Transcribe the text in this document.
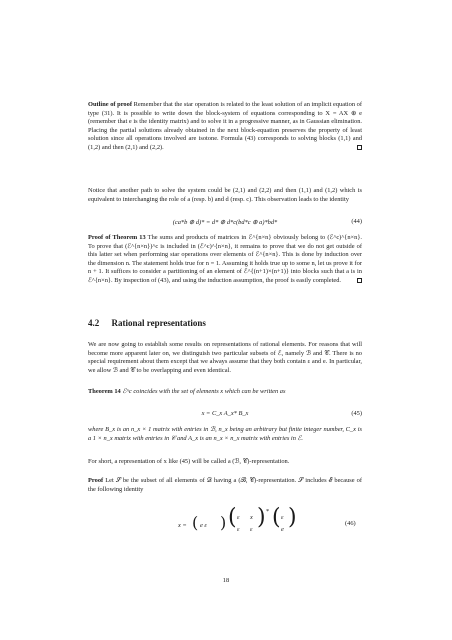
Outline of proof Remember that the star operation is related to the least solution of an implicit equation of type (31). It is possible to write down the block-system of equations corresponding to X = AX ⊕ e (remember that e is the identity matrix) and to solve it in a progressive manner, as in Gaussian elimination. Placing the partial solutions already obtained in the next block-equation preserves the property of least solution since all operations involved are isotone. Formula (43) corresponds to solving blocks (1,1) and (1,2) and then (2,1) and (2,2).

Notice that another path to solve the system could be (2,1) and (2,2) and then (1,1) and (1,2) which is equivalent to interchanging the role of a (resp. b) and d (resp. c). This observation leads to the identity

(ca*b ⊕ d)* = d* ⊕ d*c(bd*c ⊕ a)*bd*	(44)

Proof of Theorem 13 The sums and products of matrices in ℰ^{n×n} obviously belong to (ℰ^c)^{n×n}. To prove that (ℰ^{n×n})^c is included in (ℰ^c)^{n×n}, it remains to prove that we do not get outside of this latter set when performing star operations over elements of ℰ^{n×n}. This is done by induction over the dimension n. The statement holds true for n = 1. Assuming it holds true up to some n, let us prove it for n + 1. It suffices to consider a partitioning of an element of ℰ^{(n+1)×(n+1)} into blocks such that a is in ℰ^{n×n}. By inspection of (43), and using the induction assumption, the proof is easily completed.

4.2 Rational representations

We are now going to establish some results on representations of rational elements. For reasons that will become more apparent later on, we distinguish two particular subsets of ℰ, namely ℬ and 𝒞. There is no special requirement about them except that we always assume that they both contain ε and e. In particular, we allow ℬ and 𝒞 to be overlapping and even identical.

Theorem 14 ℰ^c coincides with the set of elements x which can be written as

x = C_x A_x* B_x	(45)

where B_x is an n_x × 1 matrix with entries in ℬ, n_x being an arbitrary but finite integer number, C_x is a 1 × n_x matrix with entries in 𝒞 and A_x is an n_x × n_x matrix with entries in ℰ.

For short, a representation of x like (45) will be called a (ℬ, 𝒞)-representation.

Proof Let 𝒮 be the subset of all elements of 𝒟 having a (ℬ, 𝒞)-representation. 𝒮 includes ℰ because of the following identity

x = ( e ε ) ( ε x
ε ε ) * ( ε
e )	(46)
18
